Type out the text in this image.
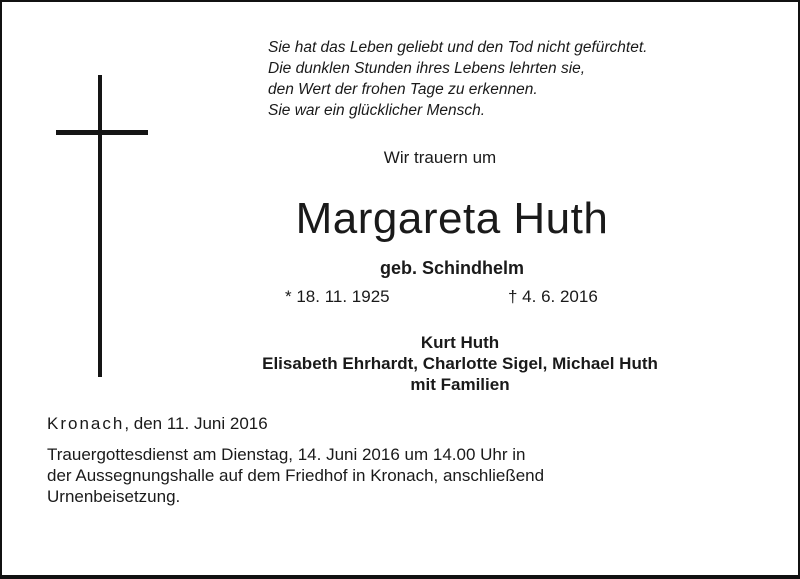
Sie hat das Leben geliebt und den Tod nicht gefürchtet.
Die dunklen Stunden ihres Lebens lehrten sie,
den Wert der frohen Tage zu erkennen.
Sie war ein glücklicher Mensch.
Wir trauern um
Margareta Huth
geb. Schindhelm
* 18. 11. 1925	† 4. 6. 2016
Kurt Huth
Elisabeth Ehrhardt, Charlotte Sigel, Michael Huth
mit Familien
Kronach, den 11. Juni 2016
Trauergottesdienst am Dienstag, 14. Juni 2016 um 14.00 Uhr in
der Aussegnungshalle auf dem Friedhof in Kronach, anschließend
Urnenbeisetzung.
